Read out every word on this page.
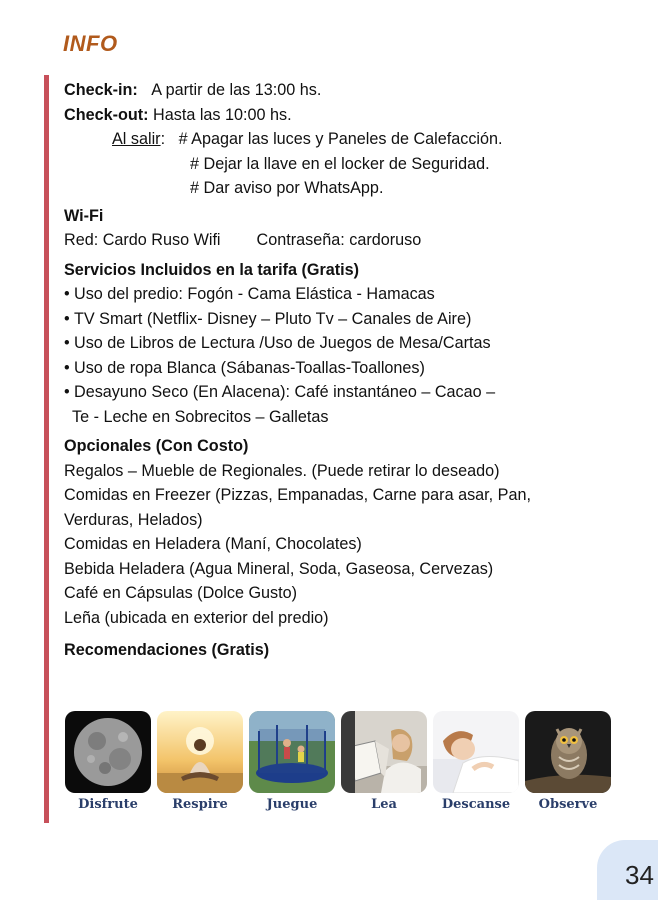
INFO
Check-in: A partir de las 13:00 hs.
Check-out: Hasta las 10:00 hs.
Al salir: # Apagar las luces y Paneles de Calefacción.
# Dejar la llave en el locker de Seguridad.
# Dar aviso por WhatsApp.
Wi-Fi
Red: Cardo Ruso Wifi Contraseña: cardoruso
Servicios Incluidos en la tarifa (Gratis)
• Uso del predio: Fogón - Cama Elástica - Hamacas
• TV Smart (Netflix- Disney – Pluto Tv – Canales de Aire)
• Uso de Libros de Lectura /Uso de Juegos de Mesa/Cartas
• Uso de ropa Blanca (Sábanas-Toallas-Toallones)
• Desayuno Seco (En Alacena): Café instantáneo – Cacao –
Te - Leche en Sobrecitos – Galletas
Opcionales (Con Costo)
Regalos – Mueble de Regionales. (Puede retirar lo deseado)
Comidas en Freezer (Pizzas, Empanadas, Carne para asar, Pan,
Verduras, Helados)
Comidas en Heladera (Maní, Chocolates)
Bebida Heladera (Agua Mineral, Soda, Gaseosa, Cervezas)
Café en Cápsulas (Dolce Gusto)
Leña (ubicada en exterior del predio)
Recomendaciones (Gratis)
Disfrute	Respire	Juegue	Lea	Descanse	Observe
34
